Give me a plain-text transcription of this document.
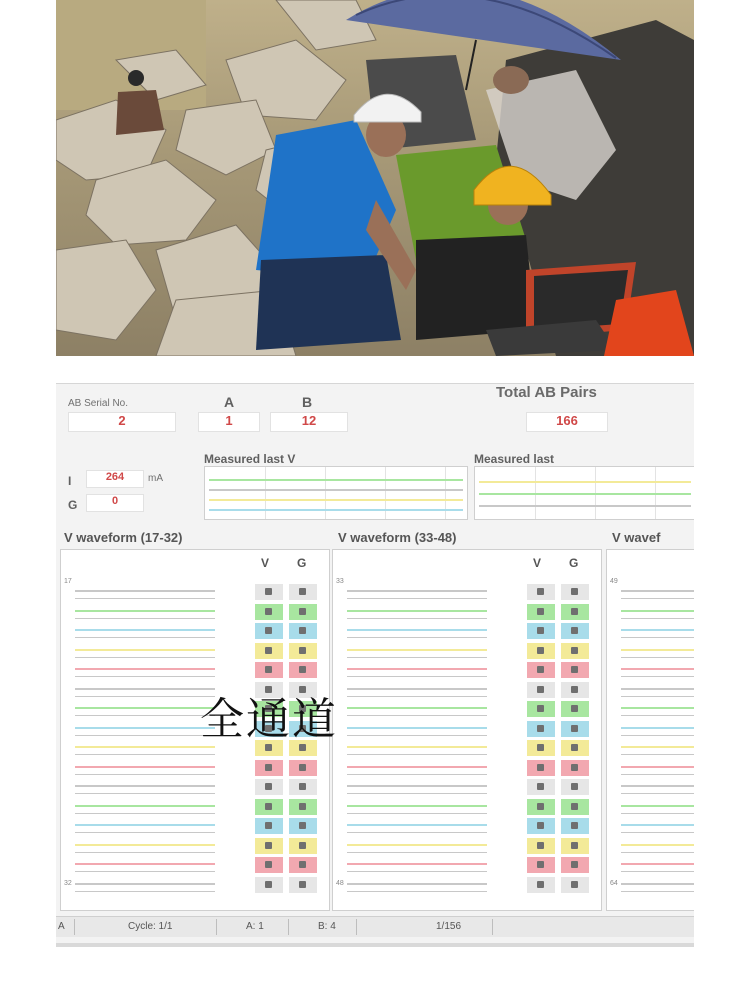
AB Serial No.
2
A
1
B
12
Total AB Pairs
166
I	264	mA
G	0
Measured last V	Measured last
V waveform (17-32)
17
32
V G
V waveform (33-48)
33
48
V G
V wavef
49
64
A	Cycle: 1/1	A: 1	B: 4	1/156
全通道
